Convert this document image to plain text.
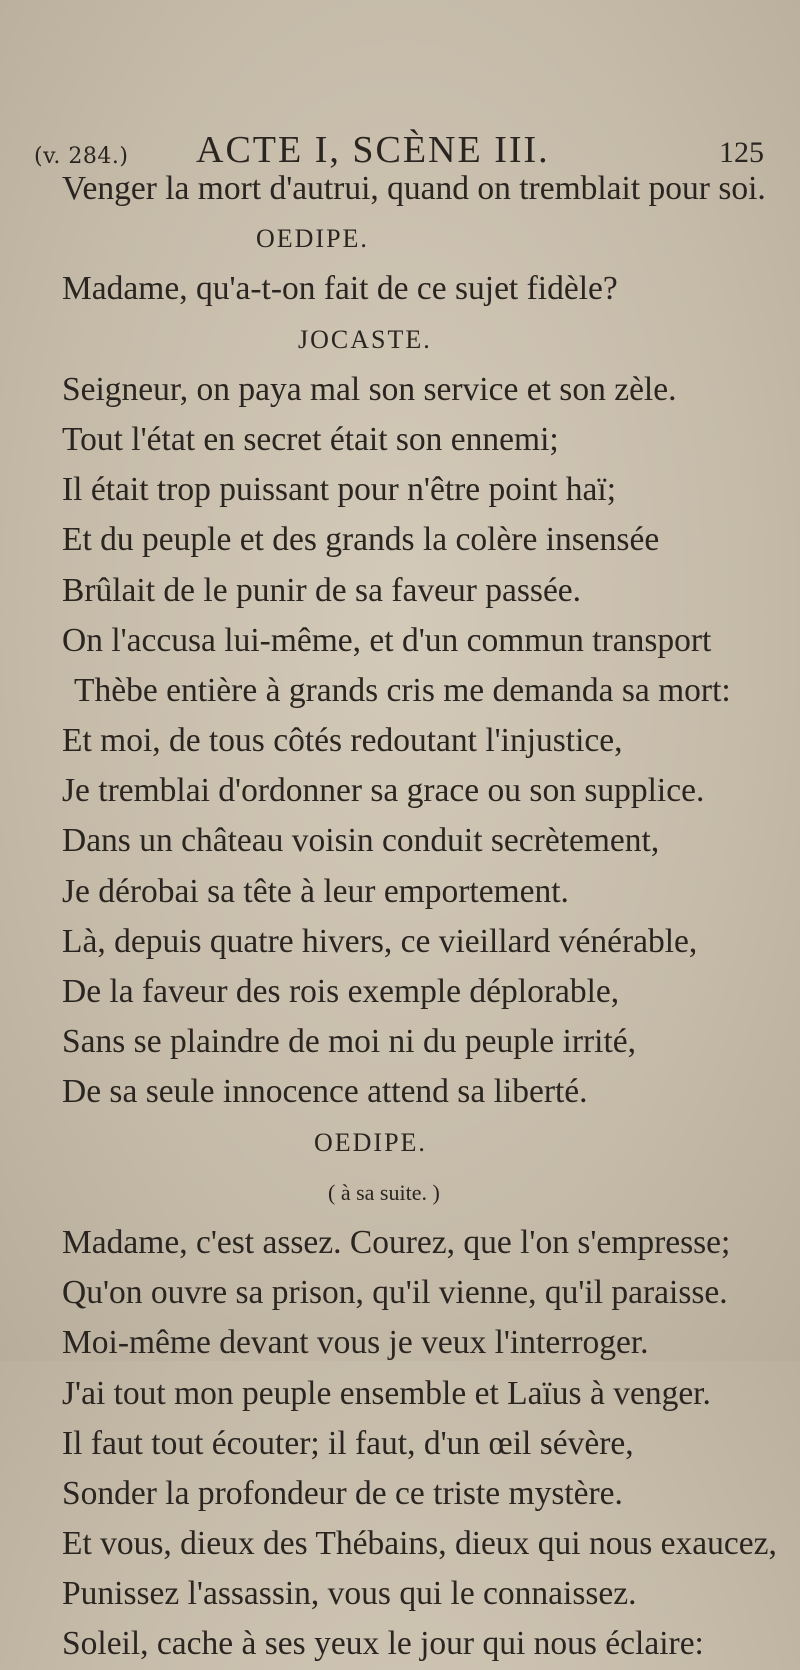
(v. 284.) ACTE I, SCÈNE III.	125
Venger la mort d'autrui, quand on tremblait pour soi.
OEDIPE.
Madame, qu'a-t-on fait de ce sujet fidèle?
JOCASTE.
Seigneur, on paya mal son service et son zèle.
Tout l'état en secret était son ennemi;
Il était trop puissant pour n'être point haï;
Et du peuple et des grands la colère insensée
Brûlait de le punir de sa faveur passée.
On l'accusa lui-même, et d'un commun transport
Thèbe entière à grands cris me demanda sa mort:
Et moi, de tous côtés redoutant l'injustice,
Je tremblai d'ordonner sa grace ou son supplice.
Dans un château voisin conduit secrètement,
Je dérobai sa tête à leur emportement.
Là, depuis quatre hivers, ce vieillard vénérable,
De la faveur des rois exemple déplorable,
Sans se plaindre de moi ni du peuple irrité,
De sa seule innocence attend sa liberté.
OEDIPE.
( à sa suite. )
Madame, c'est assez. Courez, que l'on s'empresse;
Qu'on ouvre sa prison, qu'il vienne, qu'il paraisse.
Moi-même devant vous je veux l'interroger.
J'ai tout mon peuple ensemble et Laïus à venger.
Il faut tout écouter; il faut, d'un œil sévère,
Sonder la profondeur de ce triste mystère.
Et vous, dieux des Thébains, dieux qui nous exaucez,
Punissez l'assassin, vous qui le connaissez.
Soleil, cache à ses yeux le jour qui nous éclaire:
